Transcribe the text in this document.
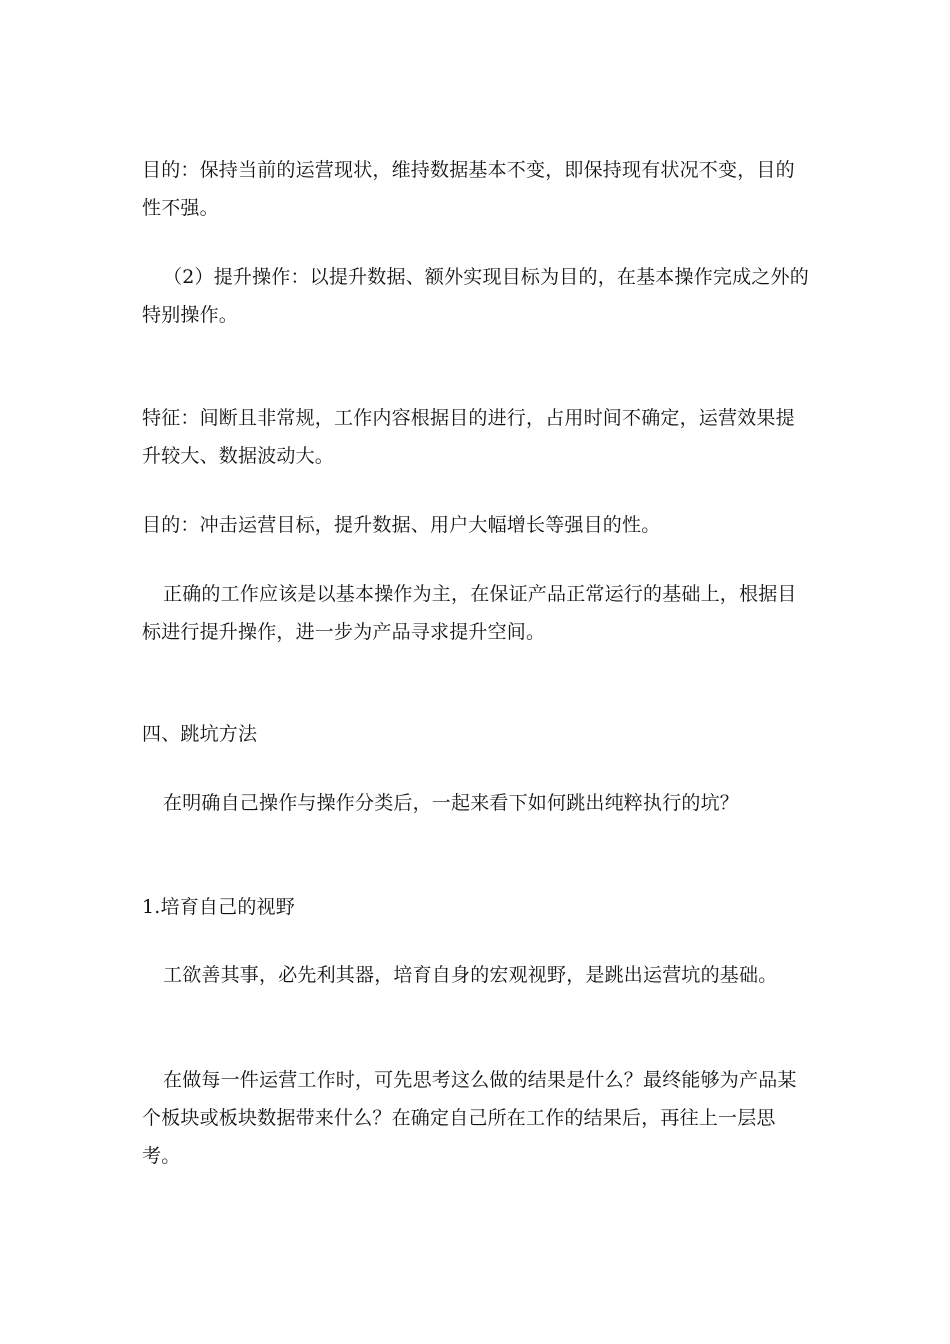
目的：保持当前的运营现状，维持数据基本不变，即保持现有状况不变，目的性不强。

（2）提升操作：以提升数据、额外实现目标为目的，在基本操作完成之外的特别操作。

特征：间断且非常规，工作内容根据目的进行，占用时间不确定，运营效果提升较大、数据波动大。

目的：冲击运营目标，提升数据、用户大幅增长等强目的性。

正确的工作应该是以基本操作为主，在保证产品正常运行的基础上，根据目标进行提升操作，进一步为产品寻求提升空间。

四、跳坑方法

在明确自己操作与操作分类后，一起来看下如何跳出纯粹执行的坑？

1.培育自己的视野

工欲善其事，必先利其器，培育自身的宏观视野，是跳出运营坑的基础。

在做每一件运营工作时，可先思考这么做的结果是什么？最终能够为产品某个板块或板块数据带来什么？在确定自己所在工作的结果后，再往上一层思考。
